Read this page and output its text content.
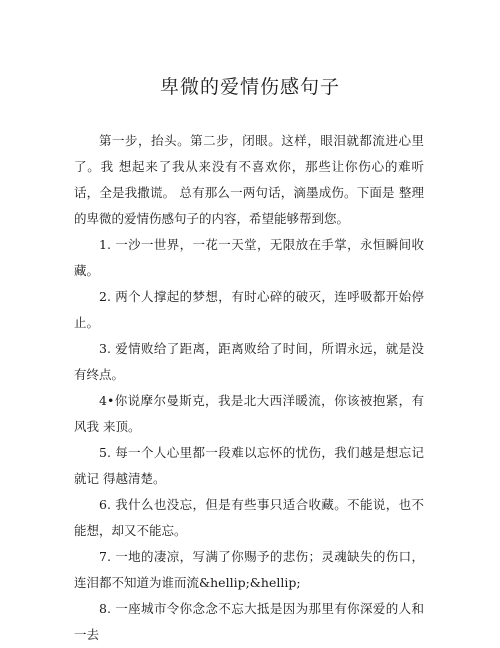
卑微的爱情伤感句子

第一步，抬头。第二步，闭眼。这样，眼泪就都流进心里了。我 想起来了我从来没有不喜欢你，那些让你伤心的难听话，全是我撒谎。 总有那么一两句话，滴墨成伤。下面是 整理的卑微的爱情伤感句子的内容，希望能够帮到您。

1. 一沙一世界，一花一天堂，无限放在手掌，永恒瞬间收藏。

2. 两个人撑起的梦想，有时心碎的破灭，连呼吸都开始停止。

3. 爱情败给了距离，距离败给了时间，所谓永远，就是没有终点。

4•你说摩尔曼斯克，我是北大西洋暖流，你该被抱紧，有风我 来顶。

5. 每一个人心里都一段难以忘怀的忧伤，我们越是想忘记就记 得越清楚。

6. 我什么也没忘，但是有些事只适合收藏。不能说，也不能想，却又不能忘。

7. 一地的凄凉，写满了你赐予的悲伤；灵魂缺失的伤口，连泪都不知道为谁而流&hellip;&hellip;

8. 一座城市令你念念不忘大抵是因为那里有你深爱的人和一去
